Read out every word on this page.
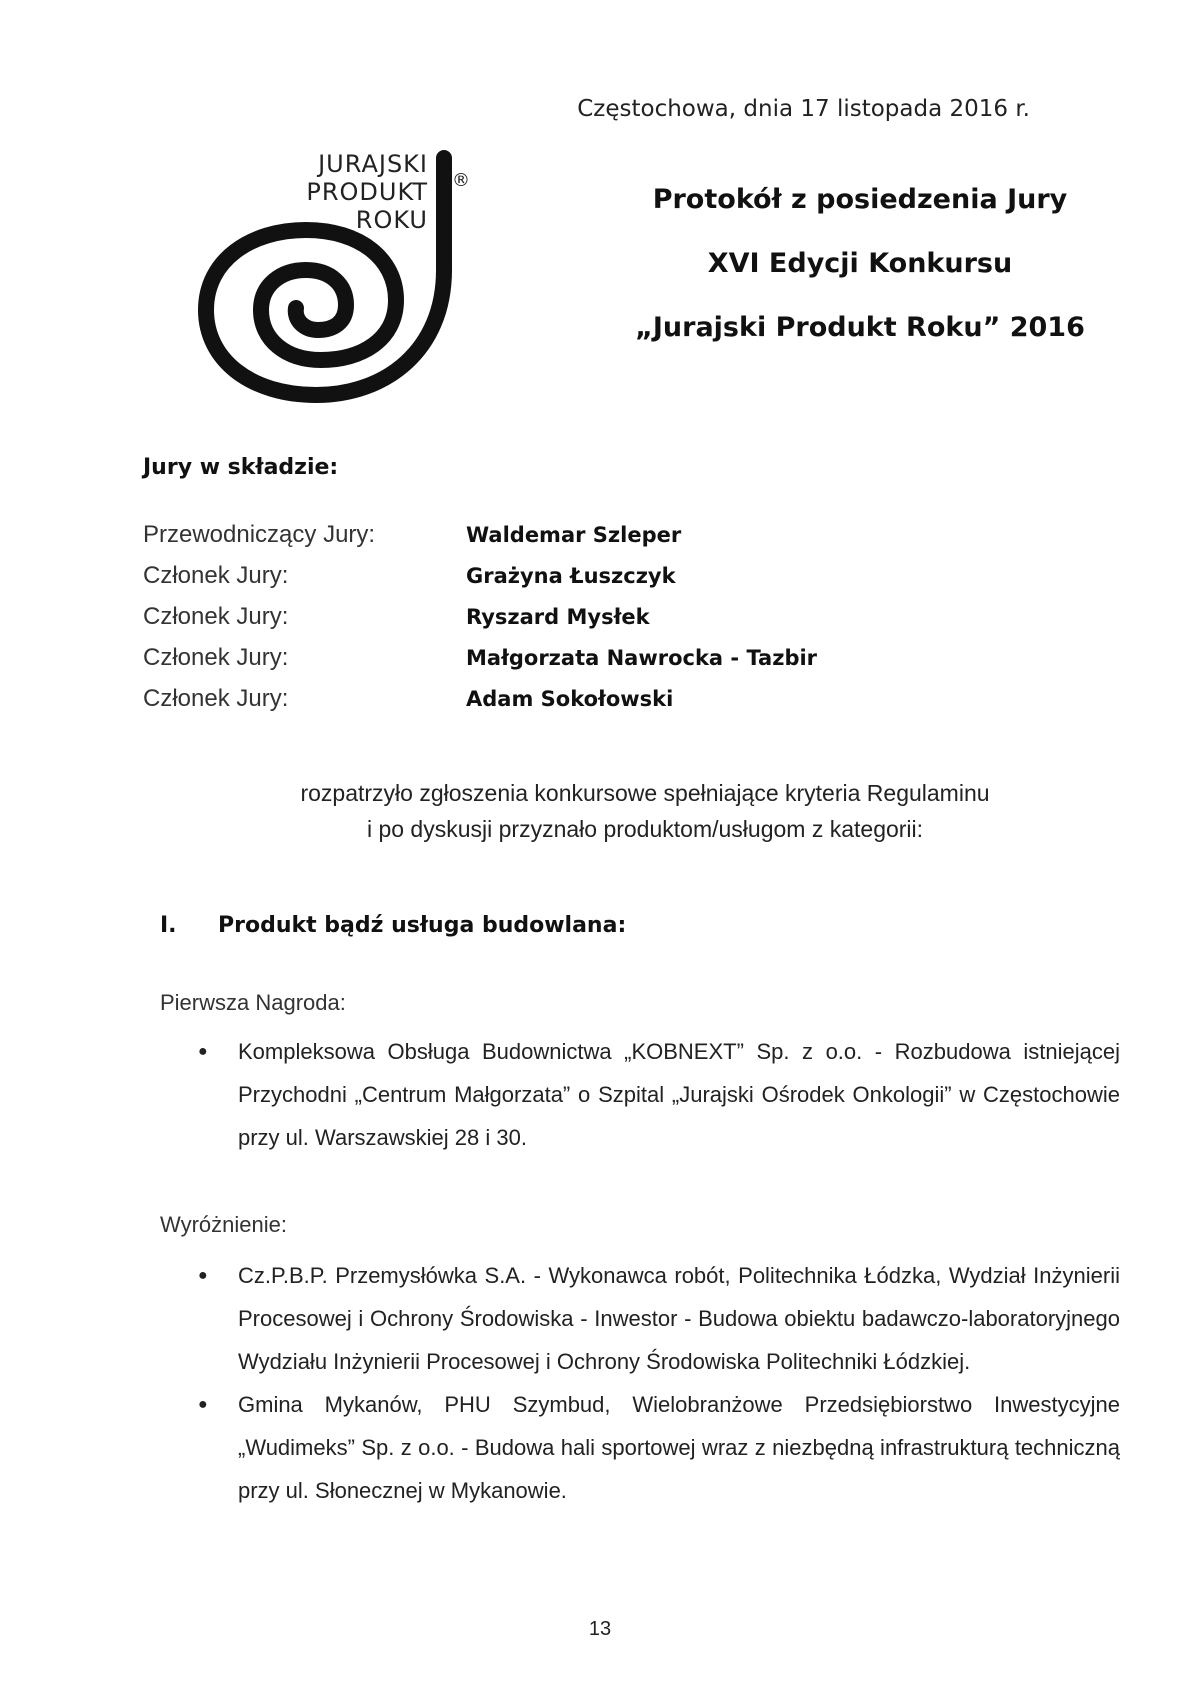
Częstochowa, dnia 17 listopada 2016 r.
JURAJSKI
PRODUKT
ROKU
®
Protokół z posiedzenia Jury
XVI Edycji Konkursu
„Jurajski Produkt Roku” 2016
Jury w składzie:
Przewodniczący Jury:	Waldemar Szleper
Członek Jury:	Grażyna Łuszczyk
Członek Jury:	Ryszard Mysłek
Członek Jury:	Małgorzata Nawrocka - Tazbir
Członek Jury:	Adam Sokołowski
rozpatrzyło zgłoszenia konkursowe spełniające kryteria Regulaminu
i po dyskusji przyznało produktom/usługom z kategorii:
I.	Produkt bądź usługa budowlana:
Pierwsza Nagroda:
● Kompleksowa Obsługa Budownictwa „KOBNEXT” Sp. z o.o. - Rozbudowa istniejącej Przychodni „Centrum Małgorzata” o Szpital „Jurajski Ośrodek Onkologii” w Częstochowie przy ul. Warszawskiej 28 i 30.
Wyróżnienie:
● Cz.P.B.P. Przemysłówka S.A. - Wykonawca robót, Politechnika Łódzka, Wydział Inżynierii Procesowej i Ochrony Środowiska - Inwestor - Budowa obiektu badawczo-laboratoryjnego Wydziału Inżynierii Procesowej i Ochrony Środowiska Politechniki Łódzkiej.
● Gmina Mykanów, PHU Szymbud, Wielobranżowe Przedsiębiorstwo Inwestycyjne „Wudimeks” Sp. z o.o. - Budowa hali sportowej wraz z niezbędną infrastrukturą techniczną przy ul. Słonecznej w Mykanowie.
13
